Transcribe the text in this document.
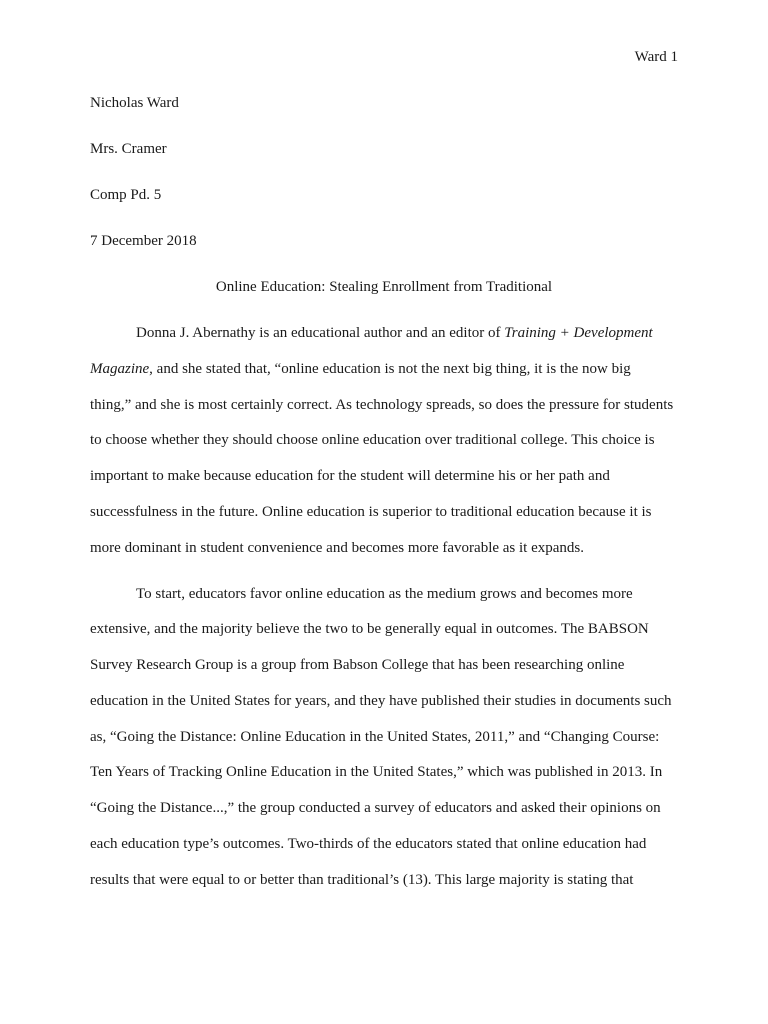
Ward 1
Nicholas Ward
Mrs. Cramer
Comp Pd. 5
7 December 2018
Online Education: Stealing Enrollment from Traditional
Donna J. Abernathy is an educational author and an editor of Training + Development
Magazine, and she stated that, “online education is not the next big thing, it is the now big
thing,” and she is most certainly correct. As technology spreads, so does the pressure for students
to choose whether they should choose online education over traditional college. This choice is
important to make because education for the student will determine his or her path and
successfulness in the future. Online education is superior to traditional education because it is
more dominant in student convenience and becomes more favorable as it expands.
To start, educators favor online education as the medium grows and becomes more
extensive, and the majority believe the two to be generally equal in outcomes. The BABSON
Survey Research Group is a group from Babson College that has been researching online
education in the United States for years, and they have published their studies in documents such
as, “Going the Distance: Online Education in the United States, 2011,” and “Changing Course:
Ten Years of Tracking Online Education in the United States,” which was published in 2013. In
“Going the Distance...,” the group conducted a survey of educators and asked their opinions on
each education type’s outcomes. Two-thirds of the educators stated that online education had
results that were equal to or better than traditional’s (13). This large majority is stating that
